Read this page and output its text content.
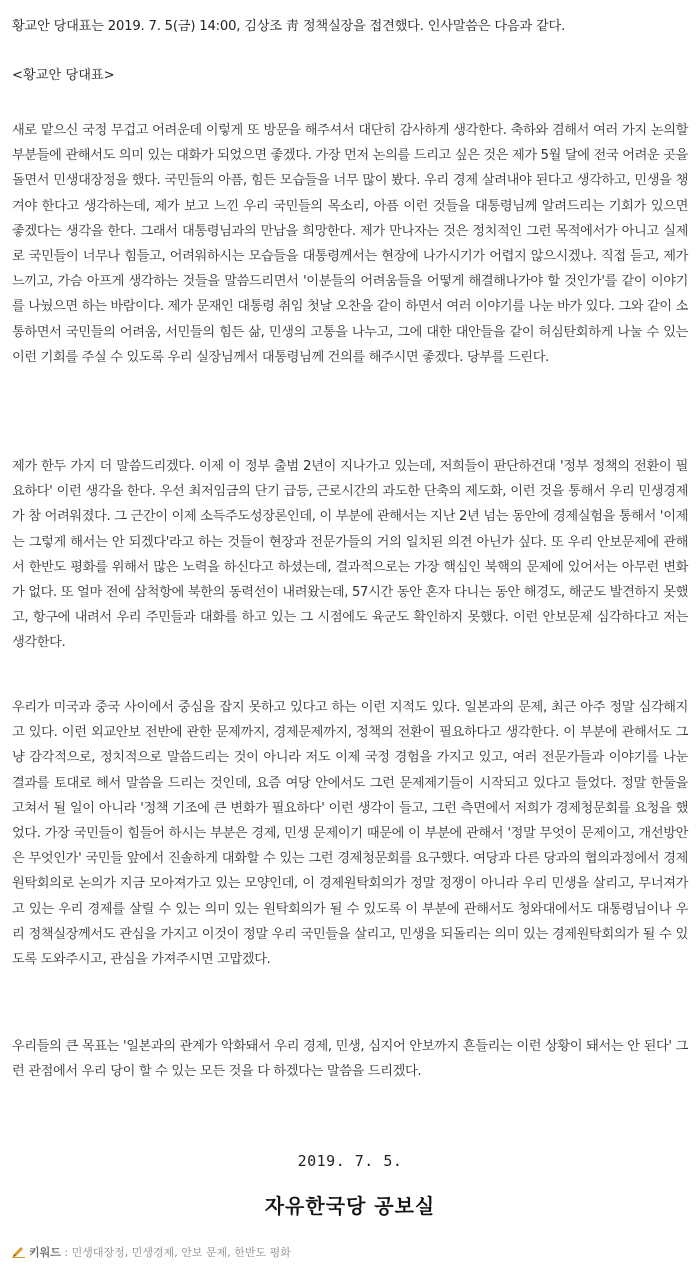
황교안 당대표는 2019. 7. 5(금) 14:00, 김상조 靑 정책실장을 접견했다. 인사말씀은 다음과 같다.
<황교안 당대표>

새로 맡으신 국정 무겁고 어려운데 이렇게 또 방문을 해주셔서 대단히 감사하게 생각한다. 축하와 겸해서 여러 가지 논의할 부분들에 관해서도 의미 있는 대화가 되었으면 좋겠다. 가장 먼저 논의를 드리고 싶은 것은 제가 5월 달에 전국 어려운 곳을 돌면서 민생대장정을 했다. 국민들의 아픔, 힘든 모습들을 너무 많이 봤다. 우리 경제 살려내야 된다고 생각하고, 민생을 챙겨야 한다고 생각하는데, 제가 보고 느낀 우리 국민들의 목소리, 아픔 이런 것들을 대통령님께 알려드리는 기회가 있으면 좋겠다는 생각을 한다. 그래서 대통령님과의 만남을 희망한다. 제가 만나자는 것은 정치적인 그런 목적에서가 아니고 실제로 국민들이 너무나 힘들고, 어려워하시는 모습들을 대통령께서는 현장에 나가시기가 어렵지 않으시겠나. 직접 듣고, 제가 느끼고, 가슴 아프게 생각하는 것들을 말씀드리면서 '이분들의 어려움들을 어떻게 해결해나가야 할 것인가'를 같이 이야기를 나눴으면 하는 바람이다. 제가 문재인 대통령 취임 첫날 오찬을 같이 하면서 여러 이야기를 나눈 바가 있다. 그와 같이 소통하면서 국민들의 어려움, 서민들의 힘든 삶, 민생의 고통을 나누고, 그에 대한 대안들을 같이 허심탄회하게 나눌 수 있는 이런 기회를 주실 수 있도록 우리 실장님께서 대통령님께 건의를 해주시면 좋겠다. 당부를 드린다.

제가 한두 가지 더 말씀드리겠다. 이제 이 정부 출범 2년이 지나가고 있는데, 저희들이 판단하건대 '정부 정책의 전환이 필요하다' 이런 생각을 한다. 우선 최저임금의 단기 급등, 근로시간의 과도한 단축의 제도화, 이런 것을 통해서 우리 민생경제가 참 어려워졌다. 그 근간이 이제 소득주도성장론인데, 이 부분에 관해서는 지난 2년 넘는 동안에 경제실험을 통해서 '이제는 그렇게 해서는 안 되겠다'라고 하는 것들이 현장과 전문가들의 거의 일치된 의견 아닌가 싶다. 또 우리 안보문제에 관해서 한반도 평화를 위해서 많은 노력을 하신다고 하셨는데, 결과적으로는 가장 핵심인 북핵의 문제에 있어서는 아무런 변화가 없다. 또 얼마 전에 삼척항에 북한의 동력선이 내려왔는데, 57시간 동안 혼자 다니는 동안 해경도, 해군도 발견하지 못했고, 항구에 내려서 우리 주민들과 대화를 하고 있는 그 시점에도 육군도 확인하지 못했다. 이런 안보문제 심각하다고 저는 생각한다.

우리가 미국과 중국 사이에서 중심을 잡지 못하고 있다고 하는 이런 지적도 있다. 일본과의 문제, 최근 아주 정말 심각해지고 있다. 이런 외교안보 전반에 관한 문제까지, 경제문제까지, 정책의 전환이 필요하다고 생각한다. 이 부분에 관해서도 그냥 감각적으로, 정치적으로 말씀드리는 것이 아니라 저도 이제 국정 경험을 가지고 있고, 여러 전문가들과 이야기를 나눈 결과를 토대로 해서 말씀을 드리는 것인데, 요즘 여당 안에서도 그런 문제제기들이 시작되고 있다고 들었다. 정말 한둘을 고쳐서 될 일이 아니라 '정책 기조에 큰 변화가 필요하다' 이런 생각이 들고, 그런 측면에서 저희가 경제청문회를 요청을 했었다. 가장 국민들이 힘들어 하시는 부분은 경제, 민생 문제이기 때문에 이 부분에 관해서 '정말 무엇이 문제이고, 개선방안은 무엇인가' 국민들 앞에서 진솔하게 대화할 수 있는 그런 경제청문회를 요구했다. 여당과 다른 당과의 협의과정에서 경제원탁회의로 논의가 지금 모아져가고 있는 모양인데, 이 경제원탁회의가 정말 정쟁이 아니라 우리 민생을 살리고, 무너져가고 있는 우리 경제를 살릴 수 있는 의미 있는 원탁회의가 될 수 있도록 이 부분에 관해서도 청와대에서도 대통령님이나 우리 정책실장께서도 관심을 가지고 이것이 정말 우리 국민들을 살리고, 민생을 되돌리는 의미 있는 경제원탁회의가 될 수 있도록 도와주시고, 관심을 가져주시면 고맙겠다.

우리들의 큰 목표는 '일본과의 관계가 악화돼서 우리 경제, 민생, 심지어 안보까지 흔들리는 이런 상황이 돼서는 안 된다' 그런 관점에서 우리 당이 할 수 있는 모든 것을 다 하겠다는 말씀을 드리겠다.

2019. 7. 5.
자유한국당 공보실
키워드 : 민생대장정, 민생경제, 안보 문제, 한반도 평화
